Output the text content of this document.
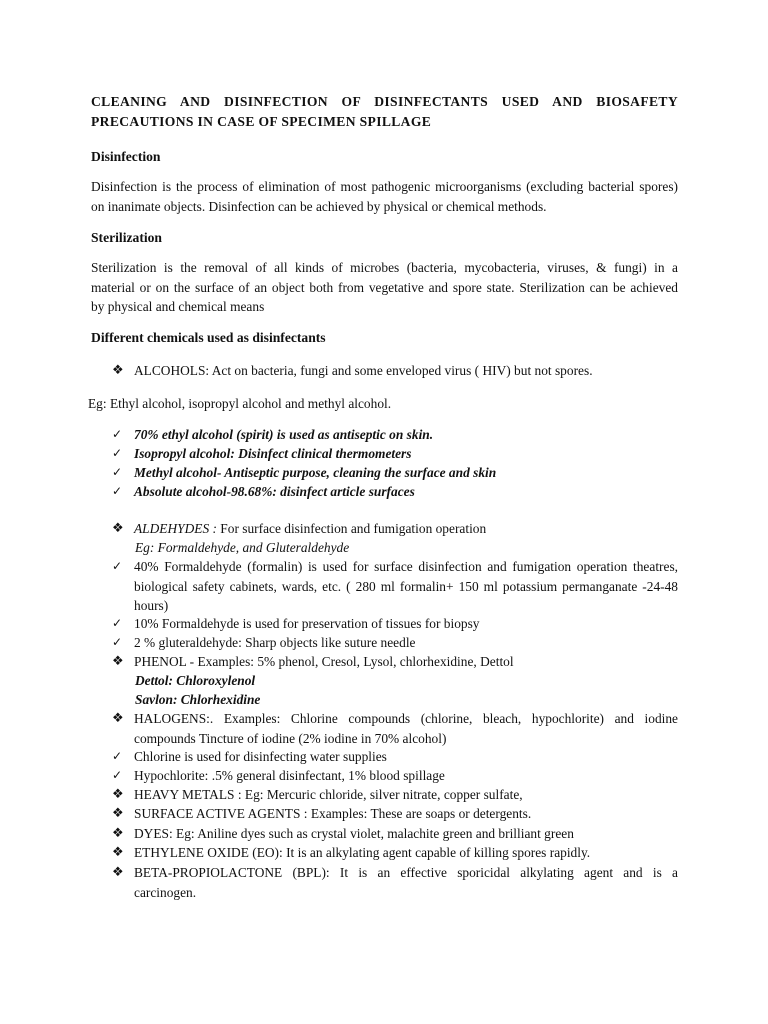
CLEANING AND DISINFECTION OF DISINFECTANTS USED AND BIOSAFETY
PRECAUTIONS IN CASE OF SPECIMEN SPILLAGE
Disinfection
Disinfection is the process of elimination of most pathogenic microorganisms (excluding bacterial spores)
on inanimate objects. Disinfection can be achieved by physical or chemical methods.
Sterilization
Sterilization is the removal of all kinds of microbes (bacteria, mycobacteria, viruses, & fungi) in a
material or on the surface of an object both from vegetative and spore state. Sterilization can be achieved
by physical and chemical means
Different chemicals used as disinfectants
❖ ALCOHOLS: Act on bacteria, fungi and some enveloped virus ( HIV) but not spores.
Eg: Ethyl alcohol, isopropyl alcohol and methyl alcohol.
✓ 70% ethyl alcohol (spirit) is used as antiseptic on skin.
✓ Isopropyl alcohol: Disinfect clinical thermometers
✓ Methyl alcohol- Antiseptic purpose, cleaning the surface and skin
✓ Absolute alcohol-98.68%: disinfect article surfaces
❖ ALDEHYDES : For surface disinfection and fumigation operation
Eg: Formaldehyde, and Gluteraldehyde
✓ 40% Formaldehyde (formalin) is used for surface disinfection and fumigation operation theatres,
biological safety cabinets, wards, etc. ( 280 ml formalin+ 150 ml potassium permanganate -24-48
hours)
✓ 10% Formaldehyde is used for preservation of tissues for biopsy
✓ 2 % gluteraldehyde: Sharp objects like suture needle
❖ PHENOL - Examples: 5% phenol, Cresol, Lysol, chlorhexidine, Dettol
Dettol: Chloroxylenol
Savlon: Chlorhexidine
❖ HALOGENS:. Examples: Chlorine compounds (chlorine, bleach, hypochlorite) and iodine
compounds Tincture of iodine (2% iodine in 70% alcohol)
✓ Chlorine is used for disinfecting water supplies
✓ Hypochlorite: .5% general disinfectant, 1% blood spillage
❖ HEAVY METALS : Eg: Mercuric chloride, silver nitrate, copper sulfate,
❖ SURFACE ACTIVE AGENTS : Examples: These are soaps or detergents.
❖ DYES: Eg: Aniline dyes such as crystal violet, malachite green and brilliant green
❖ ETHYLENE OXIDE (EO): It is an alkylating agent capable of killing spores rapidly.
❖ BETA-PROPIOLACTONE (BPL): It is an effective sporicidal alkylating agent and is a
carcinogen.
